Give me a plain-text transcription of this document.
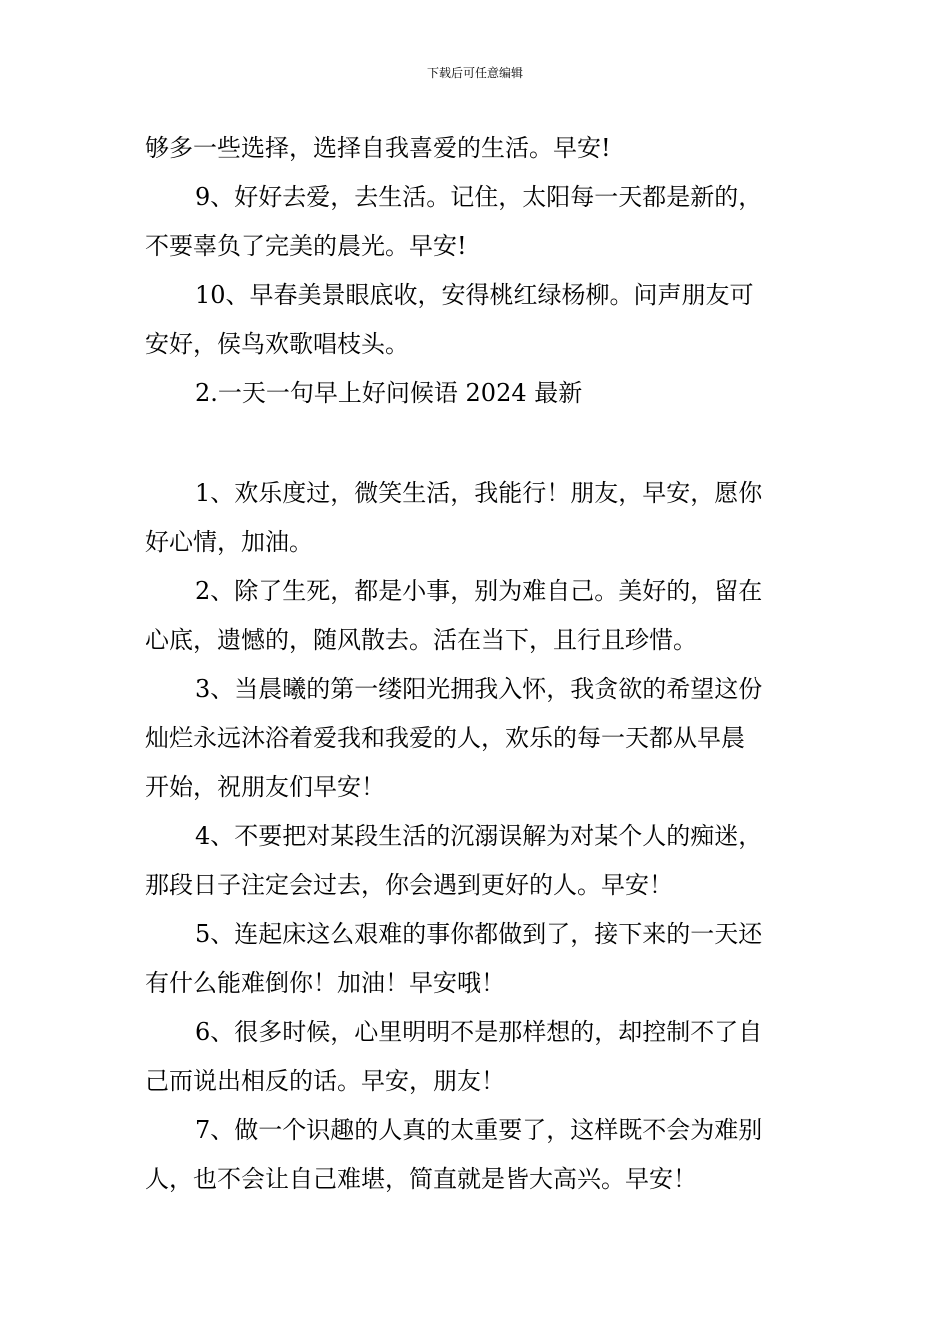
下载后可任意编辑
够多一些选择，选择自我喜爱的生活。早安!
9、好好去爱，去生活。记住，太阳每一天都是新的，
不要辜负了完美的晨光。早安!
10、早春美景眼底收，安得桃红绿杨柳。问声朋友可
安好，侯鸟欢歌唱枝头。
2.一天一句早上好问候语 2024 最新
1、欢乐度过，微笑生活，我能行！朋友，早安，愿你
好心情，加油。
2、除了生死，都是小事，别为难自己。美好的，留在
心底，遗憾的，随风散去。活在当下，且行且珍惜。
3、当晨曦的第一缕阳光拥我入怀，我贪欲的希望这份
灿烂永远沐浴着爱我和我爱的人，欢乐的每一天都从早晨
开始，祝朋友们早安！
4、不要把对某段生活的沉溺误解为对某个人的痴迷，
那段日子注定会过去，你会遇到更好的人。早安！
5、连起床这么艰难的事你都做到了，接下来的一天还
有什么能难倒你！加油！早安哦！
6、很多时候，心里明明不是那样想的，却控制不了自
己而说出相反的话。早安，朋友！
7、做一个识趣的人真的太重要了，这样既不会为难别
人，也不会让自己难堪，简直就是皆大高兴。早安！
